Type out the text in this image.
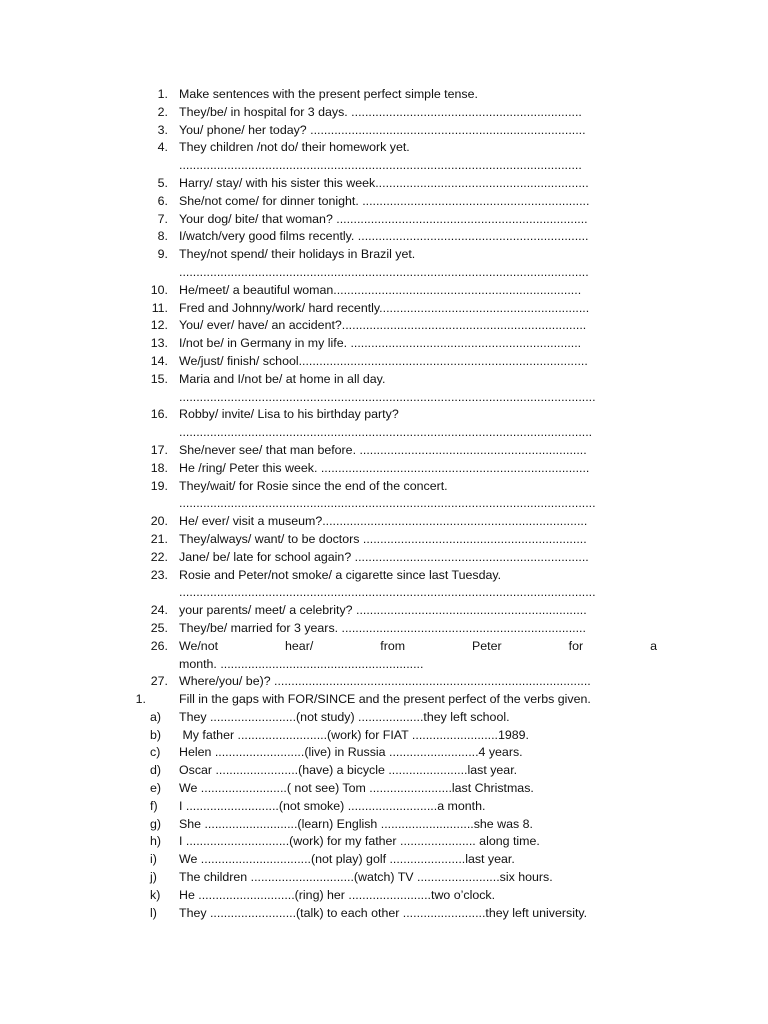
1. Make sentences with the present perfect simple tense.
2. They/be/ in hospital for 3 days. ...................................................................
3. You/ phone/ her today? ................................................................................
4. They children /not do/ their homework yet.
.....................................................................................................................
5. Harry/ stay/ with his sister this week..............................................................
6. She/not come/ for dinner tonight. ..................................................................
7. Your dog/ bite/ that woman? .........................................................................
8. I/watch/very good films recently. ...................................................................
9. They/not spend/ their holidays in Brazil yet.
.......................................................................................................................
10. He/meet/ a beautiful woman........................................................................
11. Fred and Johnny/work/ hard recently.............................................................
12. You/ ever/ have/ an accident?.......................................................................
13. I/not be/ in Germany in my life. ...................................................................
14. We/just/ finish/ school....................................................................................
15. Maria and I/not be/ at home in all day.
.........................................................................................................................
16. Robby/ invite/ Lisa to his birthday party?
........................................................................................................................
17. She/never see/ that man before. ..................................................................
18. He /ring/ Peter this week. ..............................................................................
19. They/wait/ for Rosie since the end of the concert.
.........................................................................................................................
20. He/ ever/ visit a museum?.............................................................................
21. They/always/ want/ to be doctors .................................................................
22. Jane/ be/ late for school again? ....................................................................
23. Rosie and Peter/not smoke/ a cigarette since last Tuesday.
.........................................................................................................................
24. your parents/ meet/ a celebrity? ...................................................................
25. They/be/ married for 3 years. .......................................................................
26. We/not	hear/	from	Peter	for	a
month. ...........................................................
27. Where/you/ be)? ............................................................................................
1.	Fill in the gaps with FOR/SINCE and the present perfect of the verbs given.
a)	They .........................(not study) ...................they left school.
b)	My father ..........................(work) for FIAT .........................1989.
c)	Helen ..........................(live) in Russia ..........................4 years.
d)	Oscar ........................(have) a bicycle .......................last year.
e)	We .........................( not see) Tom ........................last Christmas.
f)	I ...........................(not smoke) ..........................a month.
g)	She ...........................(learn) English ...........................she was 8.
h)	I ..............................(work) for my father ...................... along time.
i)	We ................................(not play) golf ......................last year.
j)	The children ..............................(watch) TV ........................six hours.
k)	He ............................(ring) her ........................two o’clock.
l)	They .........................(talk) to each other ........................they left university.
